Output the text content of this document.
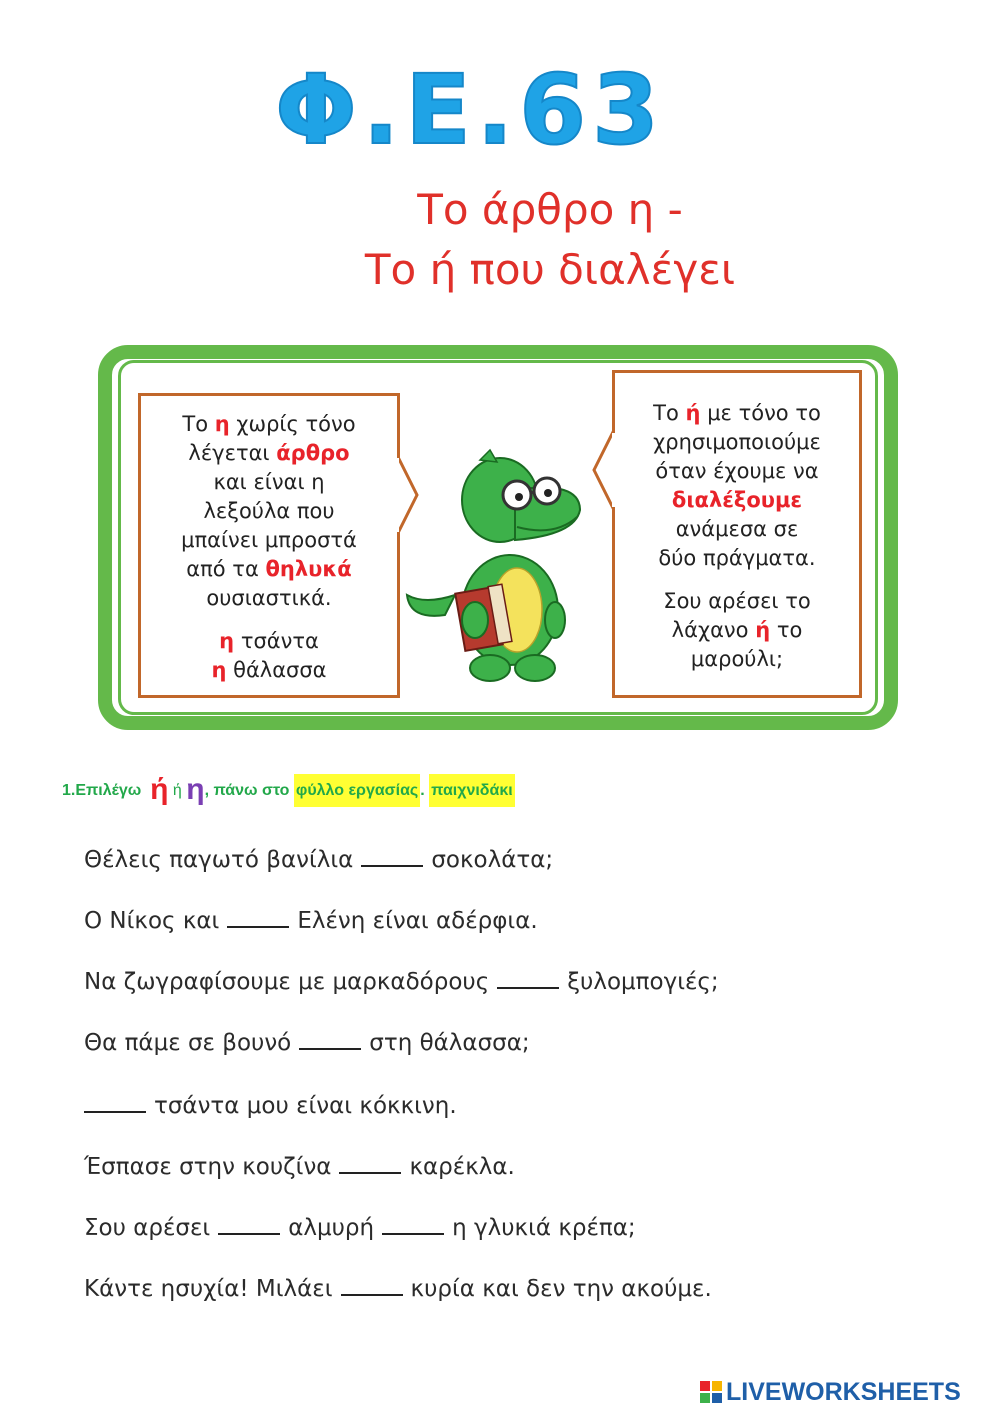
Φ.Ε.63
Το άρθρο η -
Το ή που διαλέγει
Το η χωρίς τόνο
λέγεται άρθρο
και είναι η
λεξούλα που
μπαίνει μπροστά
από τα θηλυκά
ουσιαστικά.
η τσάντα
η θάλασσα
Το ή με τόνο το
χρησιμοποιούμε
όταν έχουμε να
διαλέξουμε
ανάμεσα σε
δύο πράγματα.
Σου αρέσει το
λάχανο ή το
μαρούλι;
1.Επιλέγω ή ή η, πάνω στο φύλλο εργασίας . παιχνιδάκι
Θέλεις παγωτό βανίλια	σοκολάτα;
Ο Νίκος και	Ελένη είναι αδέρφια.
Να ζωγραφίσουμε με μαρκαδόρους	ξυλομπογιές;
Θα πάμε σε βουνό	στη θάλασσα;
τσάντα μου είναι κόκκινη.
Έσπασε στην κουζίνα	καρέκλα.
Σου αρέσει	αλμυρή	η γλυκιά κρέπα;
Κάντε ησυχία! Μιλάει	κυρία και δεν την ακούμε.
LIVEWORKSHEETS
